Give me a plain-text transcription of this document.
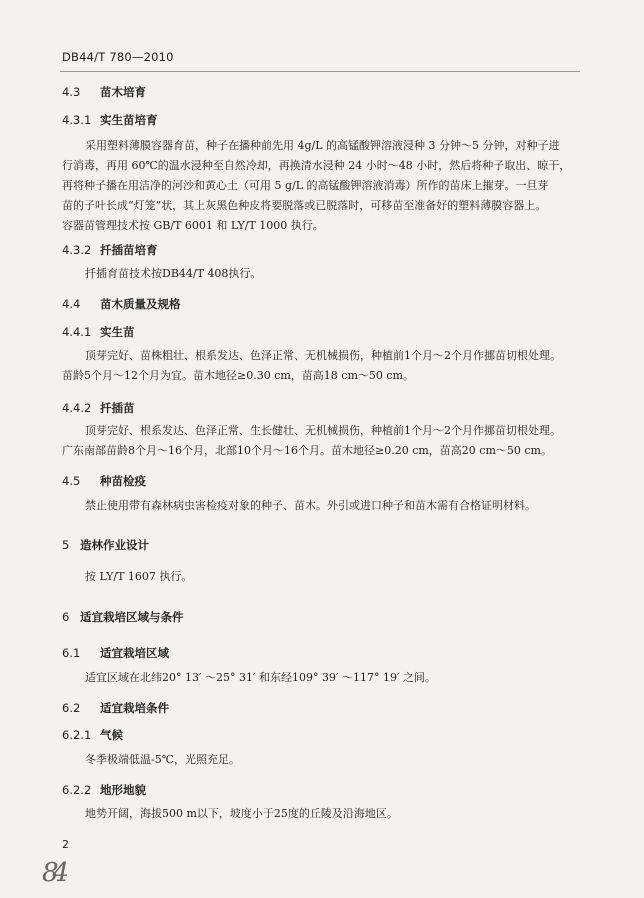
DB44/T 780—2010
4.3 苗木培育
4.3.1 实生苗培育
采用塑料薄膜容器育苗，种子在播种前先用 4g/L 的高锰酸钾溶液浸种 3 分钟～5 分钟，对种子进
行消毒，再用 60℃的温水浸种至自然冷却，再换清水浸种 24 小时～48 小时，然后将种子取出、晾干，
再将种子播在用洁净的河沙和黄心土（可用 5 g/L 的高锰酸钾溶液消毒）所作的苗床上摧芽。一旦芽
苗的子叶长成“灯笼”状，其上灰黑色种皮将要脱落或已脱落时，可移苗至准备好的塑料薄膜容器上。
容器苗管理技术按 GB/T 6001 和 LY/T 1000 执行。
4.3.2 扦插苗培育
扦插育苗技术按DB44/T 408执行。
4.4 苗木质量及规格
4.4.1 实生苗
顶芽完好、苗株粗壮、根系发达、色泽正常、无机械损伤，种植前1个月～2个月作挪苗切根处理。
苗龄5个月～12个月为宜。苗木地径≥0.30 cm，苗高18 cm～50 cm。
4.4.2 扦插苗
顶芽完好、根系发达、色泽正常、生长健壮、无机械损伤，种植前1个月～2个月作挪苗切根处理。
广东南部苗龄8个月～16个月，北部10个月～16个月。苗木地径≥0.20 cm，苗高20 cm～50 cm。
4.5 种苗检疫
禁止使用带有森林病虫害检疫对象的种子、苗木。外引或进口种子和苗木需有合格证明材料。
5 造林作业设计
按 LY/T 1607 执行。
6 适宜栽培区域与条件
6.1 适宜栽培区域
适宜区域在北纬20° 13′ ～25° 31′ 和东经109° 39′ ～117° 19′ 之间。
6.2 适宜栽培条件
6.2.1 气候
冬季极端低温-5℃，光照充足。
6.2.2 地形地貌
地势开阔，海拔500 m以下，坡度小于25度的丘陵及沿海地区。
2
84
